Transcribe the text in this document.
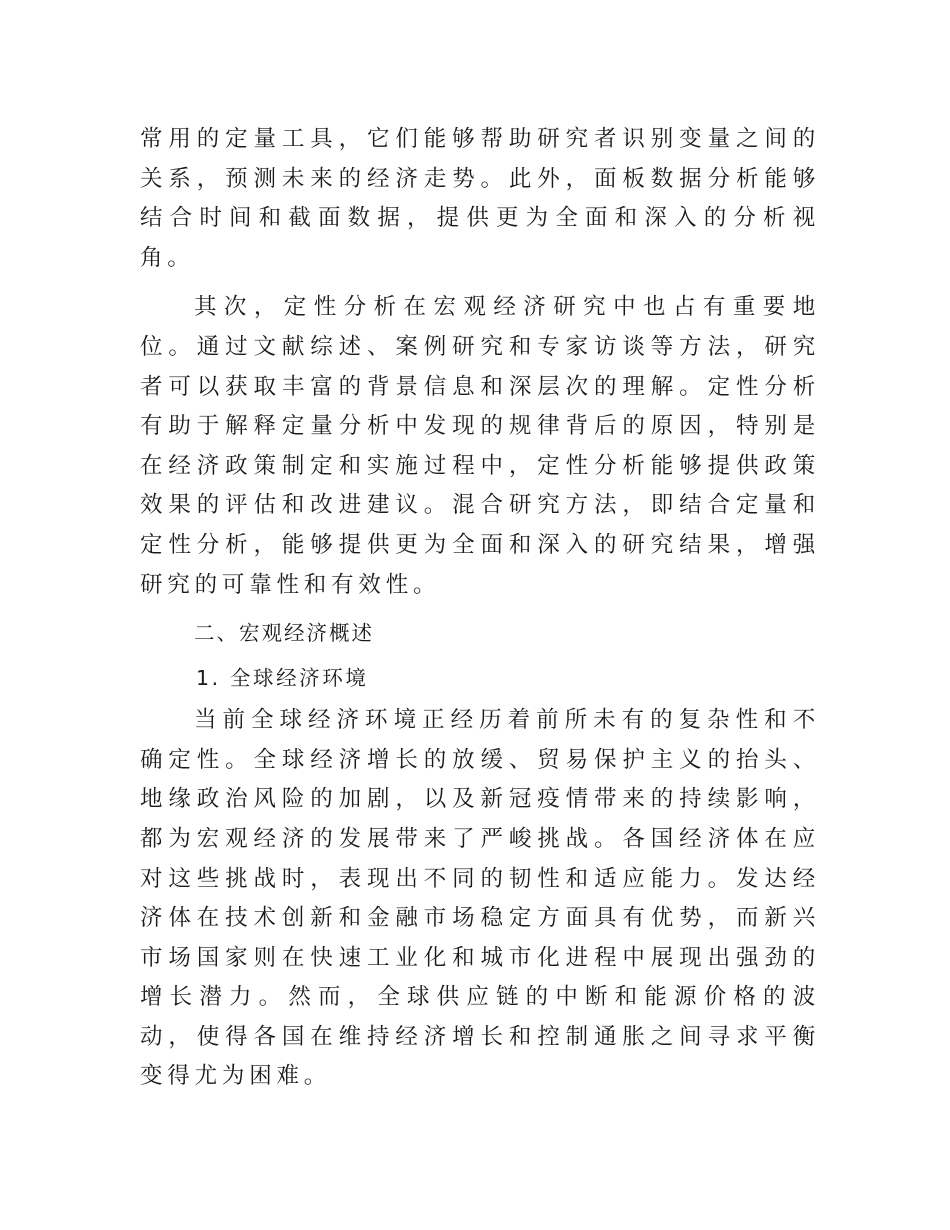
常用的定量工具，它们能够帮助研究者识别变量之间的关系，预测未来的经济走势。此外，面板数据分析能够结合时间和截面数据，提供更为全面和深入的分析视角。

其次，定性分析在宏观经济研究中也占有重要地位。通过文献综述、案例研究和专家访谈等方法，研究者可以获取丰富的背景信息和深层次的理解。定性分析有助于解释定量分析中发现的规律背后的原因，特别是在经济政策制定和实施过程中，定性分析能够提供政策效果的评估和改进建议。混合研究方法，即结合定量和定性分析，能够提供更为全面和深入的研究结果，增强研究的可靠性和有效性。

二、宏观经济概述

1. 全球经济环境

当前全球经济环境正经历着前所未有的复杂性和不确定性。全球经济增长的放缓、贸易保护主义的抬头、地缘政治风险的加剧，以及新冠疫情带来的持续影响，都为宏观经济的发展带来了严峻挑战。各国经济体在应对这些挑战时，表现出不同的韧性和适应能力。发达经济体在技术创新和金融市场稳定方面具有优势，而新兴市场国家则在快速工业化和城市化进程中展现出强劲的增长潜力。然而，全球供应链的中断和能源价格的波动，使得各国在维持经济增长和控制通胀之间寻求平衡变得尤为困难。
